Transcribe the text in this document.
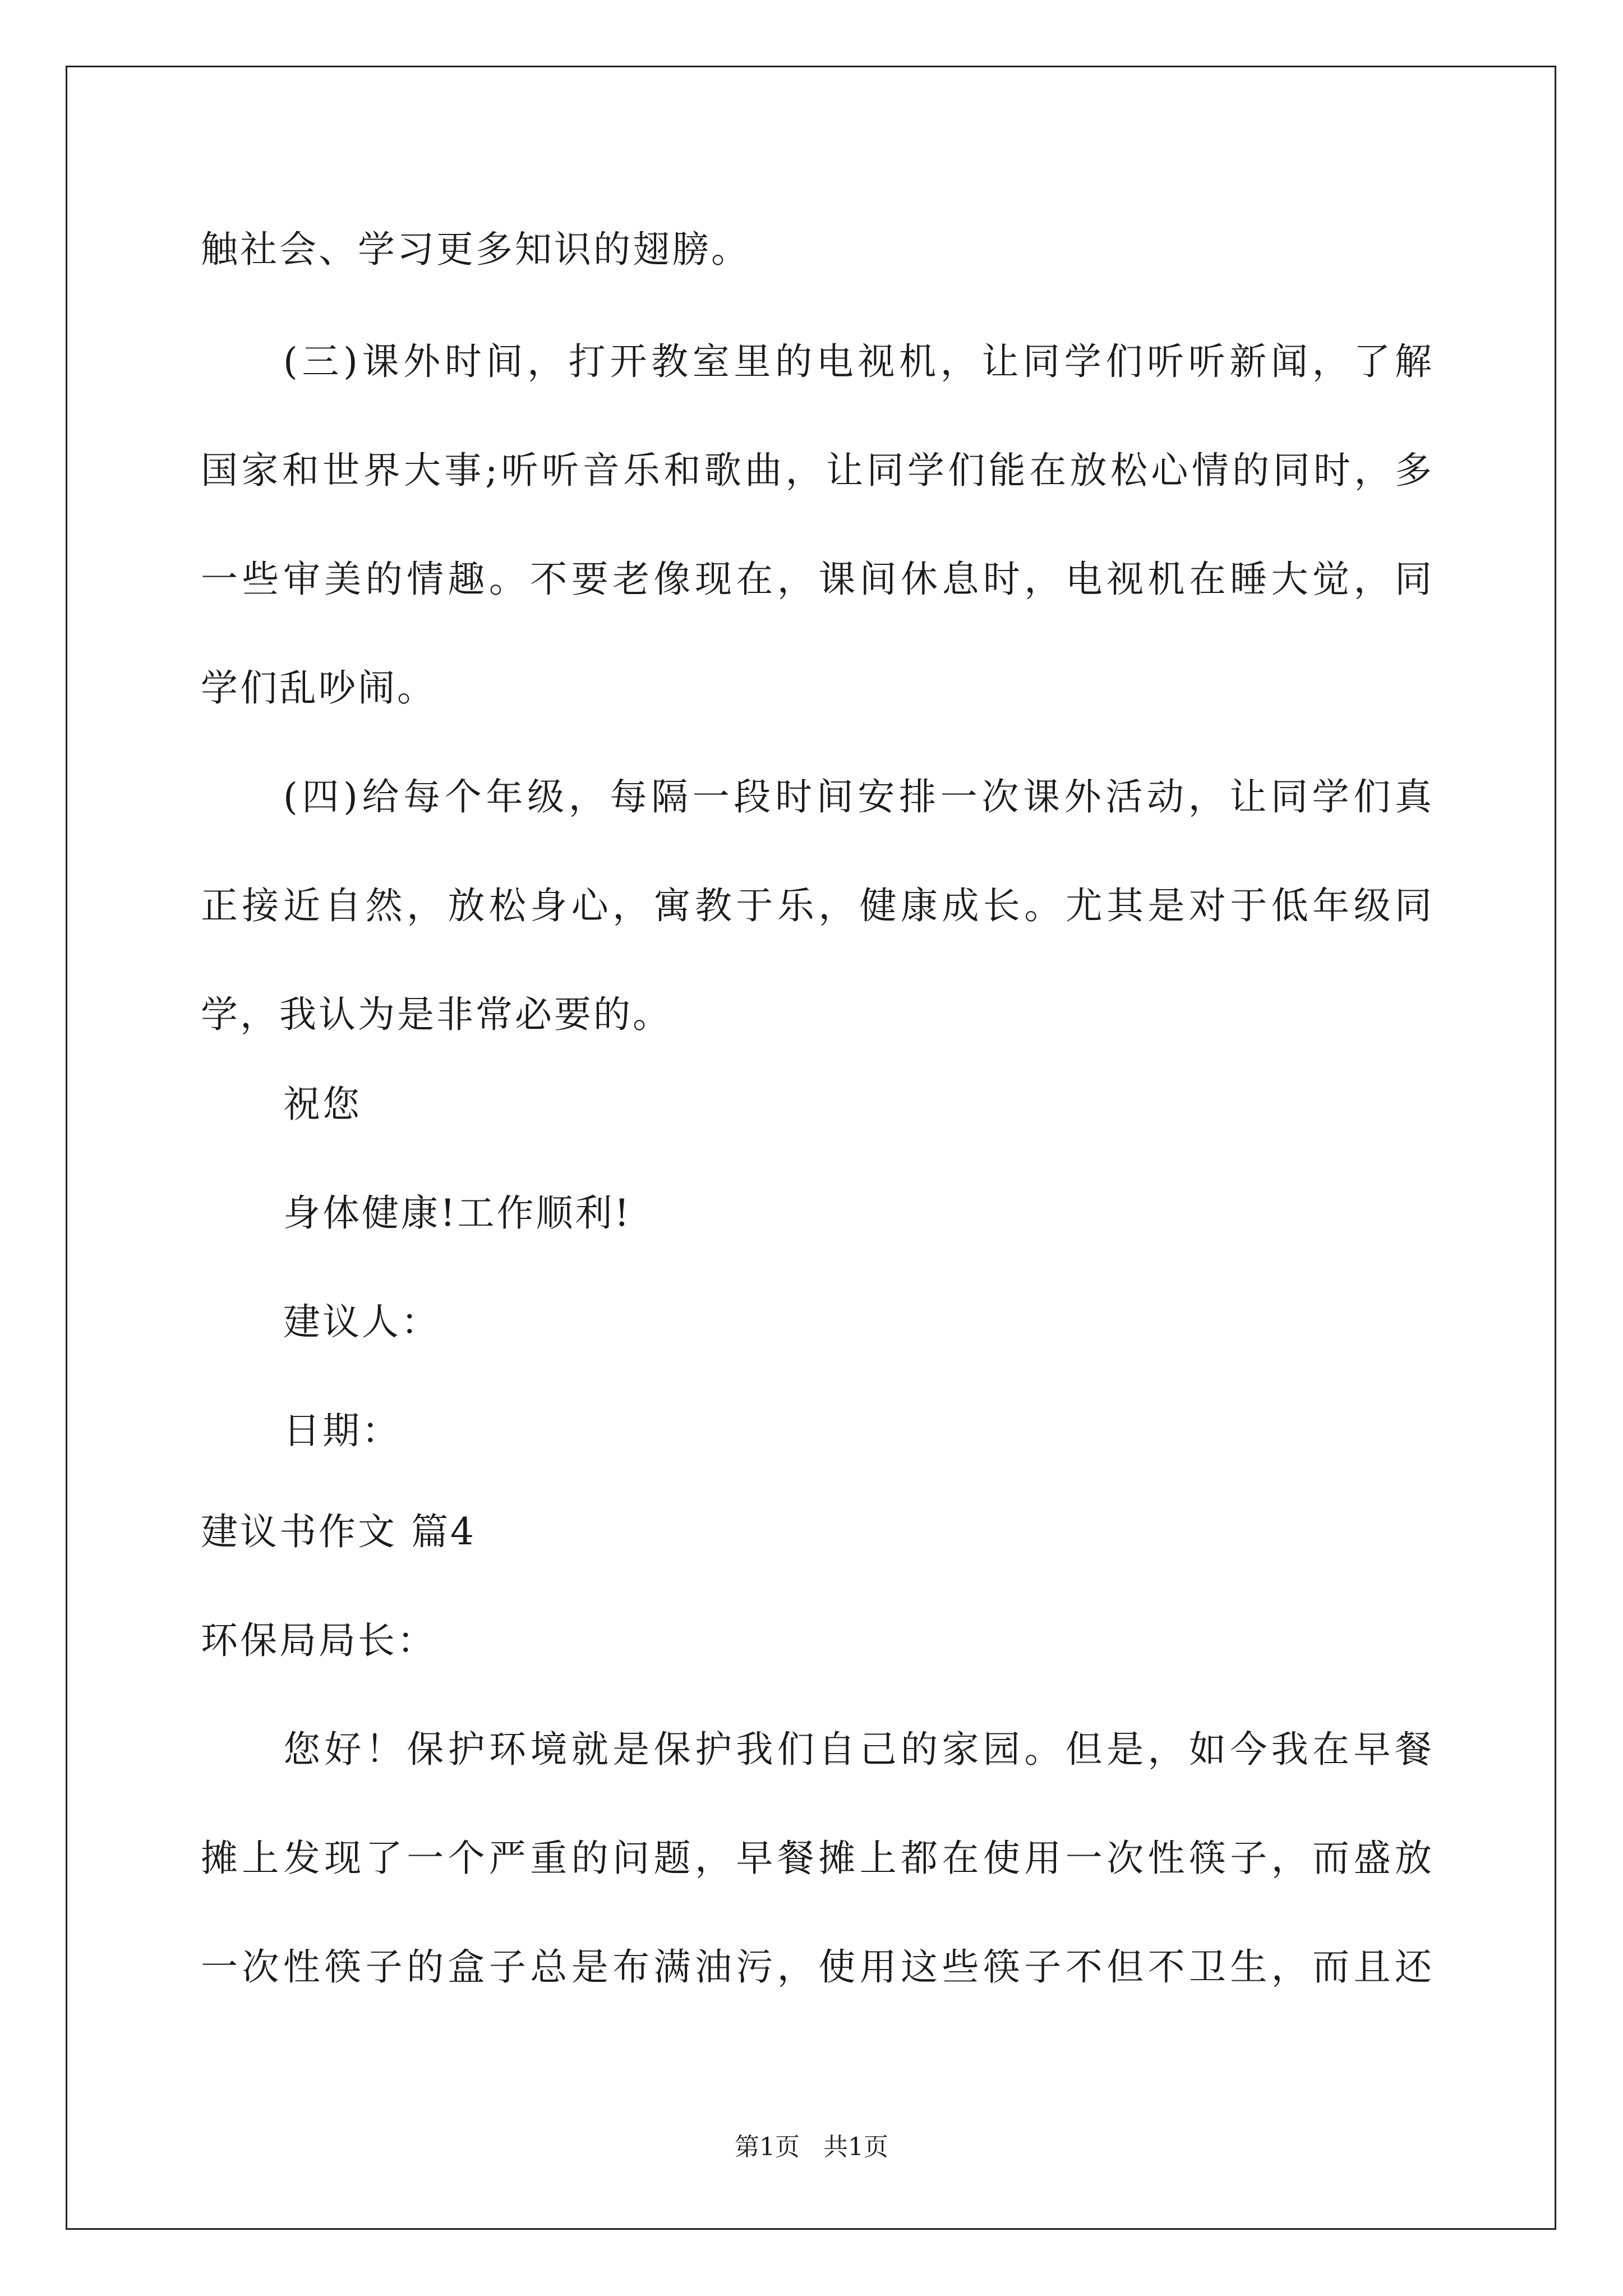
触社会、学习更多知识的翅膀。
(三)课外时间，打开教室里的电视机，让同学们听听新闻，了解
国家和世界大事;听听音乐和歌曲，让同学们能在放松心情的同时，多
一些审美的情趣。不要老像现在，课间休息时，电视机在睡大觉，同
学们乱吵闹。
(四)给每个年级，每隔一段时间安排一次课外活动，让同学们真
正接近自然，放松身心，寓教于乐，健康成长。尤其是对于低年级同
学，我认为是非常必要的。
祝您
身体健康!工作顺利!
建议人：
日期：
建议书作文 篇4
环保局局长：
您好！保护环境就是保护我们自己的家园。但是，如今我在早餐
摊上发现了一个严重的问题，早餐摊上都在使用一次性筷子，而盛放
一次性筷子的盒子总是布满油污，使用这些筷子不但不卫生，而且还
第1页   共1页
